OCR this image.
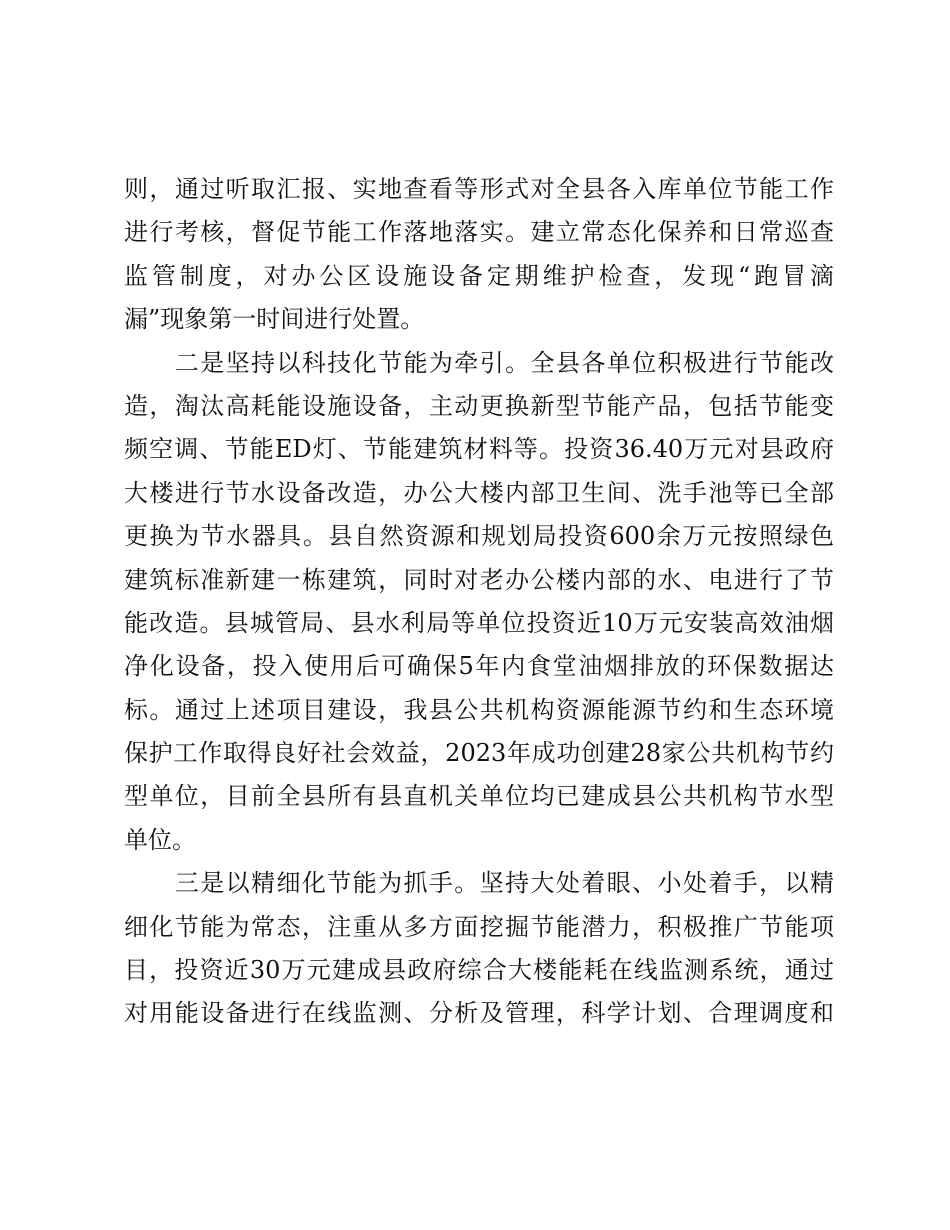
则，通过听取汇报、实地查看等形式对全县各入库单位节能工作
进行考核，督促节能工作落地落实。建立常态化保养和日常巡查
监管制度，对办公区设施设备定期维护检查，发现“跑冒滴
漏”现象第一时间进行处置。
　　二是坚持以科技化节能为牵引。全县各单位积极进行节能改
造，淘汰高耗能设施设备，主动更换新型节能产品，包括节能变
频空调、节能ED灯、节能建筑材料等。投资36.40万元对县政府
大楼进行节水设备改造，办公大楼内部卫生间、洗手池等已全部
更换为节水器具。县自然资源和规划局投资600余万元按照绿色
建筑标准新建一栋建筑，同时对老办公楼内部的水、电进行了节
能改造。县城管局、县水利局等单位投资近10万元安装高效油烟
净化设备，投入使用后可确保5年内食堂油烟排放的环保数据达
标。通过上述项目建设，我县公共机构资源能源节约和生态环境
保护工作取得良好社会效益，2023年成功创建28家公共机构节约
型单位，目前全县所有县直机关单位均已建成县公共机构节水型
单位。
　　三是以精细化节能为抓手。坚持大处着眼、小处着手，以精
细化节能为常态，注重从多方面挖掘节能潜力，积极推广节能项
目，投资近30万元建成县政府综合大楼能耗在线监测系统，通过
对用能设备进行在线监测、分析及管理，科学计划、合理调度和
